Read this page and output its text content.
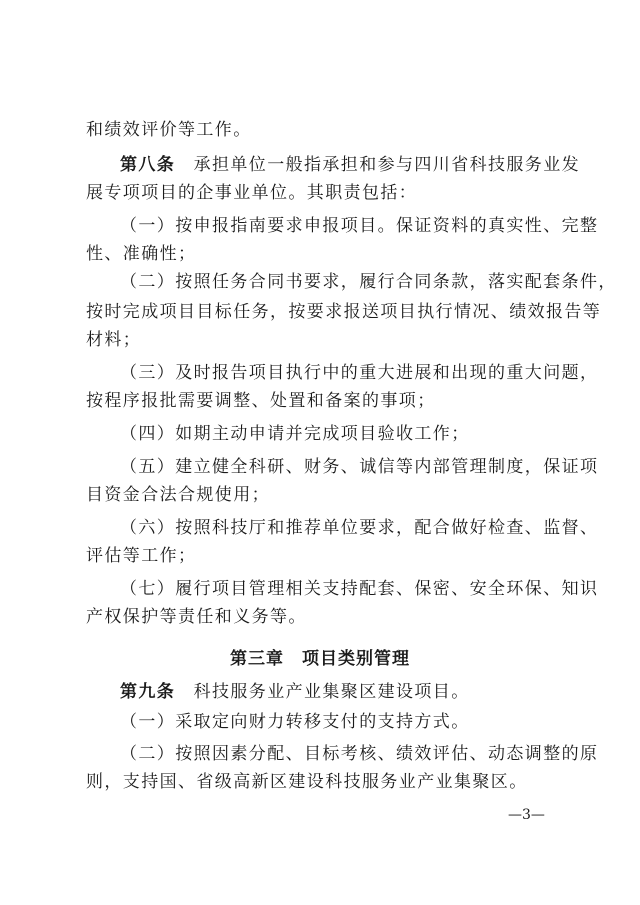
和绩效评价等工作。
第八条　 承担单位一般指承担和参与四川省科技服务业发
展专项项目的企事业单位。其职责包括：
（一）按申报指南要求申报项目。保证资料的真实性、完整
性、准确性；
（二）按照任务合同书要求，履行合同条款，落实配套条件，
按时完成项目目标任务，按要求报送项目执行情况、绩效报告等
材料；
（三）及时报告项目执行中的重大进展和出现的重大问题，
按程序报批需要调整、处置和备案的事项；
（四）如期主动申请并完成项目验收工作；
（五）建立健全科研、财务、诚信等内部管理制度，保证项
目资金合法合规使用；
（六）按照科技厅和推荐单位要求，配合做好检查、监督、
评估等工作；
（七）履行项目管理相关支持配套、保密、安全环保、知识
产权保护等责任和义务等。
第三章　项目类别管理
第九条　 科技服务业产业集聚区建设项目。
（一）采取定向财力转移支付的支持方式。
（二）按照因素分配、目标考核、绩效评估、动态调整的原
则，支持国、省级高新区建设科技服务业产业集聚区。
—3—
